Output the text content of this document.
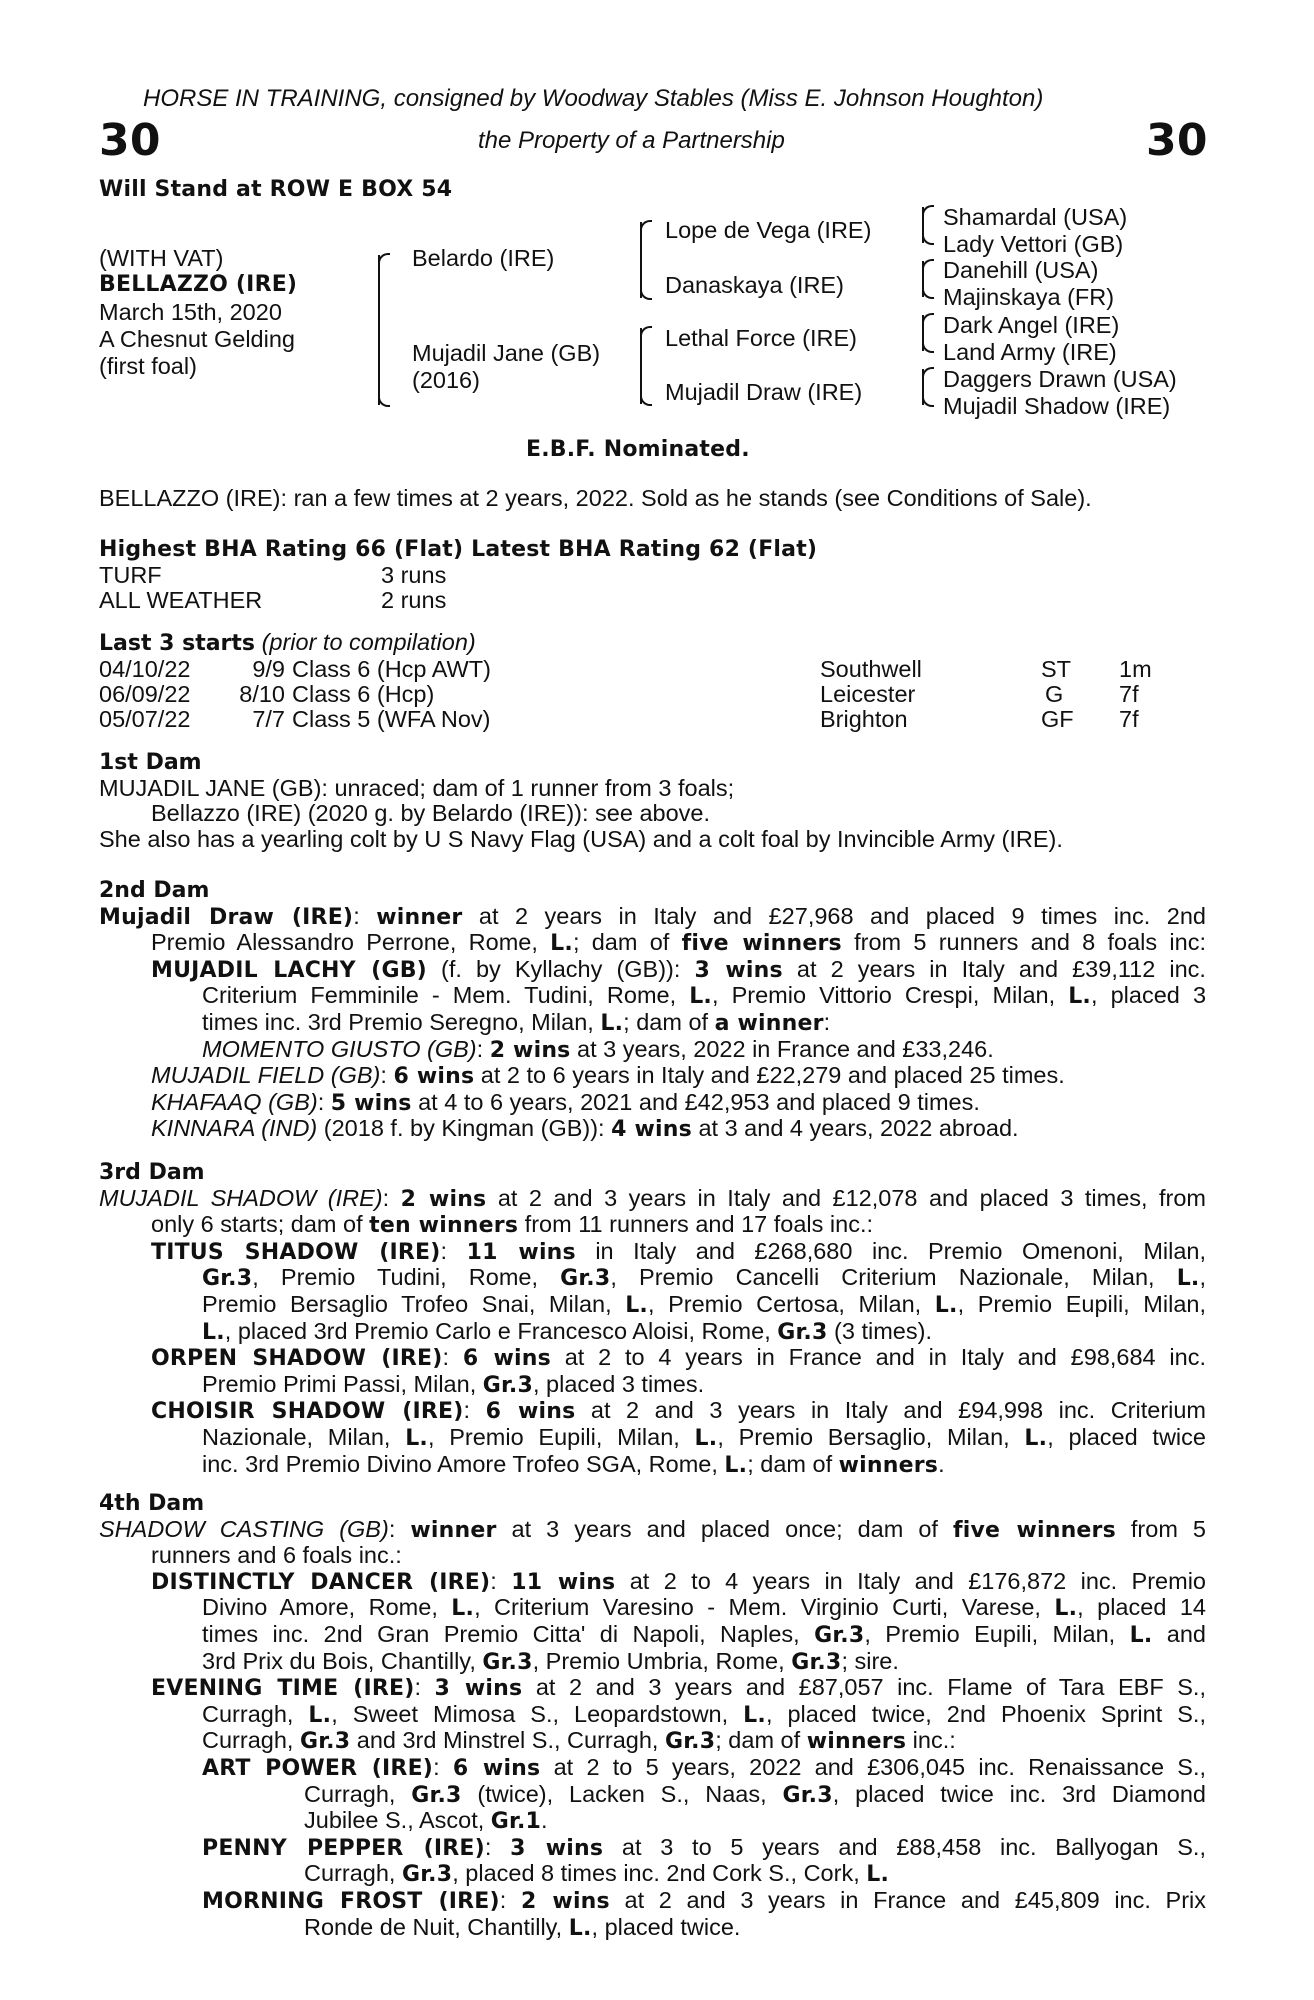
HORSE IN TRAINING, consigned by Woodway Stables (Miss E. Johnson Houghton)
30	the Property of a Partnership	30
Will Stand at ROW E BOX 54
(WITH VAT)
BELLAZZO (IRE)
March 15th, 2020
A Chesnut Gelding
(first foal)
Belardo (IRE)
Mujadil Jane (GB)
(2016)
Lope de Vega (IRE)
Danaskaya (IRE)
Lethal Force (IRE)
Mujadil Draw (IRE)
Shamardal (USA)
Lady Vettori (GB)
Danehill (USA)
Majinskaya (FR)
Dark Angel (IRE)
Land Army (IRE)
Daggers Drawn (USA)
Mujadil Shadow (IRE)
E.B.F. Nominated.
BELLAZZO (IRE): ran a few times at 2 years, 2022. Sold as he stands (see Conditions of Sale).
Highest BHA Rating 66 (Flat) Latest BHA Rating 62 (Flat)
TURF	3 runs
ALL WEATHER	2 runs
Last 3 starts (prior to compilation)
04/10/22	9/9 Class 6 (Hcp AWT)	Southwell	ST 1m
06/09/22	8/10 Class 6 (Hcp)	Leicester	G 7f
05/07/22	7/7 Class 5 (WFA Nov)	Brighton	GF 7f
1st Dam
MUJADIL JANE (GB): unraced; dam of 1 runner from 3 foals;
Bellazzo (IRE) (2020 g. by Belardo (IRE)): see above.
She also has a yearling colt by U S Navy Flag (USA) and a colt foal by Invincible Army (IRE).
2nd Dam
Mujadil Draw (IRE): winner at 2 years in Italy and £27,968 and placed 9 times inc. 2nd
Premio Alessandro Perrone, Rome, L.; dam of five winners from 5 runners and 8 foals inc:
MUJADIL LACHY (GB) (f. by Kyllachy (GB)): 3 wins at 2 years in Italy and £39,112 inc.
Criterium Femminile - Mem. Tudini, Rome, L., Premio Vittorio Crespi, Milan, L., placed 3
times inc. 3rd Premio Seregno, Milan, L.; dam of a winner:
MOMENTO GIUSTO (GB): 2 wins at 3 years, 2022 in France and £33,246.
MUJADIL FIELD (GB): 6 wins at 2 to 6 years in Italy and £22,279 and placed 25 times.
KHAFAAQ (GB): 5 wins at 4 to 6 years, 2021 and £42,953 and placed 9 times.
KINNARA (IND) (2018 f. by Kingman (GB)): 4 wins at 3 and 4 years, 2022 abroad.
3rd Dam
MUJADIL SHADOW (IRE): 2 wins at 2 and 3 years in Italy and £12,078 and placed 3 times, from
only 6 starts; dam of ten winners from 11 runners and 17 foals inc.:
TITUS SHADOW (IRE): 11 wins in Italy and £268,680 inc. Premio Omenoni, Milan,
Gr.3, Premio Tudini, Rome, Gr.3, Premio Cancelli Criterium Nazionale, Milan, L.,
Premio Bersaglio Trofeo Snai, Milan, L., Premio Certosa, Milan, L., Premio Eupili, Milan,
L., placed 3rd Premio Carlo e Francesco Aloisi, Rome, Gr.3 (3 times).
ORPEN SHADOW (IRE): 6 wins at 2 to 4 years in France and in Italy and £98,684 inc.
Premio Primi Passi, Milan, Gr.3, placed 3 times.
CHOISIR SHADOW (IRE): 6 wins at 2 and 3 years in Italy and £94,998 inc. Criterium
Nazionale, Milan, L., Premio Eupili, Milan, L., Premio Bersaglio, Milan, L., placed twice
inc. 3rd Premio Divino Amore Trofeo SGA, Rome, L.; dam of winners.
4th Dam
SHADOW CASTING (GB): winner at 3 years and placed once; dam of five winners from 5
runners and 6 foals inc.:
DISTINCTLY DANCER (IRE): 11 wins at 2 to 4 years in Italy and £176,872 inc. Premio
Divino Amore, Rome, L., Criterium Varesino - Mem. Virginio Curti, Varese, L., placed 14
times inc. 2nd Gran Premio Citta' di Napoli, Naples, Gr.3, Premio Eupili, Milan, L. and
3rd Prix du Bois, Chantilly, Gr.3, Premio Umbria, Rome, Gr.3; sire.
EVENING TIME (IRE): 3 wins at 2 and 3 years and £87,057 inc. Flame of Tara EBF S.,
Curragh, L., Sweet Mimosa S., Leopardstown, L., placed twice, 2nd Phoenix Sprint S.,
Curragh, Gr.3 and 3rd Minstrel S., Curragh, Gr.3; dam of winners inc.:
ART POWER (IRE): 6 wins at 2 to 5 years, 2022 and £306,045 inc. Renaissance S.,
Curragh, Gr.3 (twice), Lacken S., Naas, Gr.3, placed twice inc. 3rd Diamond
Jubilee S., Ascot, Gr.1.
PENNY PEPPER (IRE): 3 wins at 3 to 5 years and £88,458 inc. Ballyogan S.,
Curragh, Gr.3, placed 8 times inc. 2nd Cork S., Cork, L.
MORNING FROST (IRE): 2 wins at 2 and 3 years in France and £45,809 inc. Prix
Ronde de Nuit, Chantilly, L., placed twice.
